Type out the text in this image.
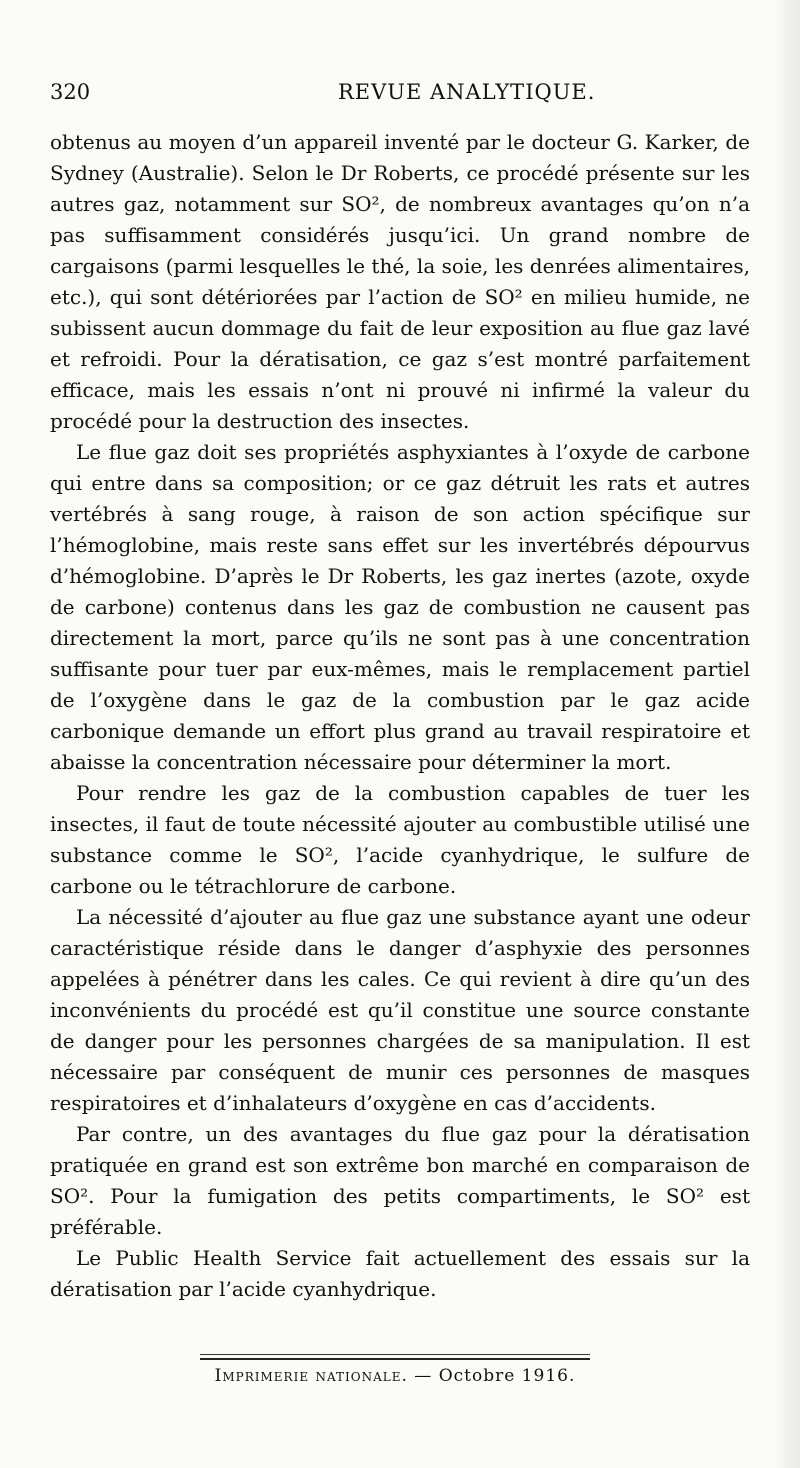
320	REVUE ANALYTIQUE.

obtenus au moyen d’un appareil inventé par le docteur G. Karker, de Sydney (Australie). Selon le Dr Roberts, ce procédé présente sur les autres gaz, notamment sur SO², de nombreux avantages qu’on n’a pas suffisamment considérés jusqu’ici. Un grand nombre de cargaisons (parmi lesquelles le thé, la soie, les denrées alimentaires, etc.), qui sont détériorées par l’action de SO² en milieu humide, ne subissent aucun dommage du fait de leur exposition au flue gaz lavé et refroidi. Pour la dératisation, ce gaz s’est montré parfaitement efficace, mais les essais n’ont ni prouvé ni infirmé la valeur du procédé pour la destruction des insectes.

Le flue gaz doit ses propriétés asphyxiantes à l’oxyde de carbone qui entre dans sa composition; or ce gaz détruit les rats et autres vertébrés à sang rouge, à raison de son action spécifique sur l’hémoglobine, mais reste sans effet sur les invertébrés dépourvus d’hémoglobine. D’après le Dr Roberts, les gaz inertes (azote, oxyde de carbone) contenus dans les gaz de combustion ne causent pas directement la mort, parce qu’ils ne sont pas à une concentration suffisante pour tuer par eux-mêmes, mais le remplacement partiel de l’oxygène dans le gaz de la combustion par le gaz acide carbonique demande un effort plus grand au travail respiratoire et abaisse la concentration nécessaire pour déterminer la mort.

Pour rendre les gaz de la combustion capables de tuer les insectes, il faut de toute nécessité ajouter au combustible utilisé une substance comme le SO², l’acide cyanhydrique, le sulfure de carbone ou le tétrachlorure de carbone.

La nécessité d’ajouter au flue gaz une substance ayant une odeur caractéristique réside dans le danger d’asphyxie des personnes appelées à pénétrer dans les cales. Ce qui revient à dire qu’un des inconvénients du procédé est qu’il constitue une source constante de danger pour les personnes chargées de sa manipulation. Il est nécessaire par conséquent de munir ces personnes de masques respiratoires et d’inhalateurs d’oxygène en cas d’accidents.

Par contre, un des avantages du flue gaz pour la dératisation pratiquée en grand est son extrême bon marché en comparaison de SO². Pour la fumigation des petits compartiments, le SO² est préférable.

Le Public Health Service fait actuellement des essais sur la dératisation par l’acide cyanhydrique.

Imprimerie nationale. — Octobre 1916.
